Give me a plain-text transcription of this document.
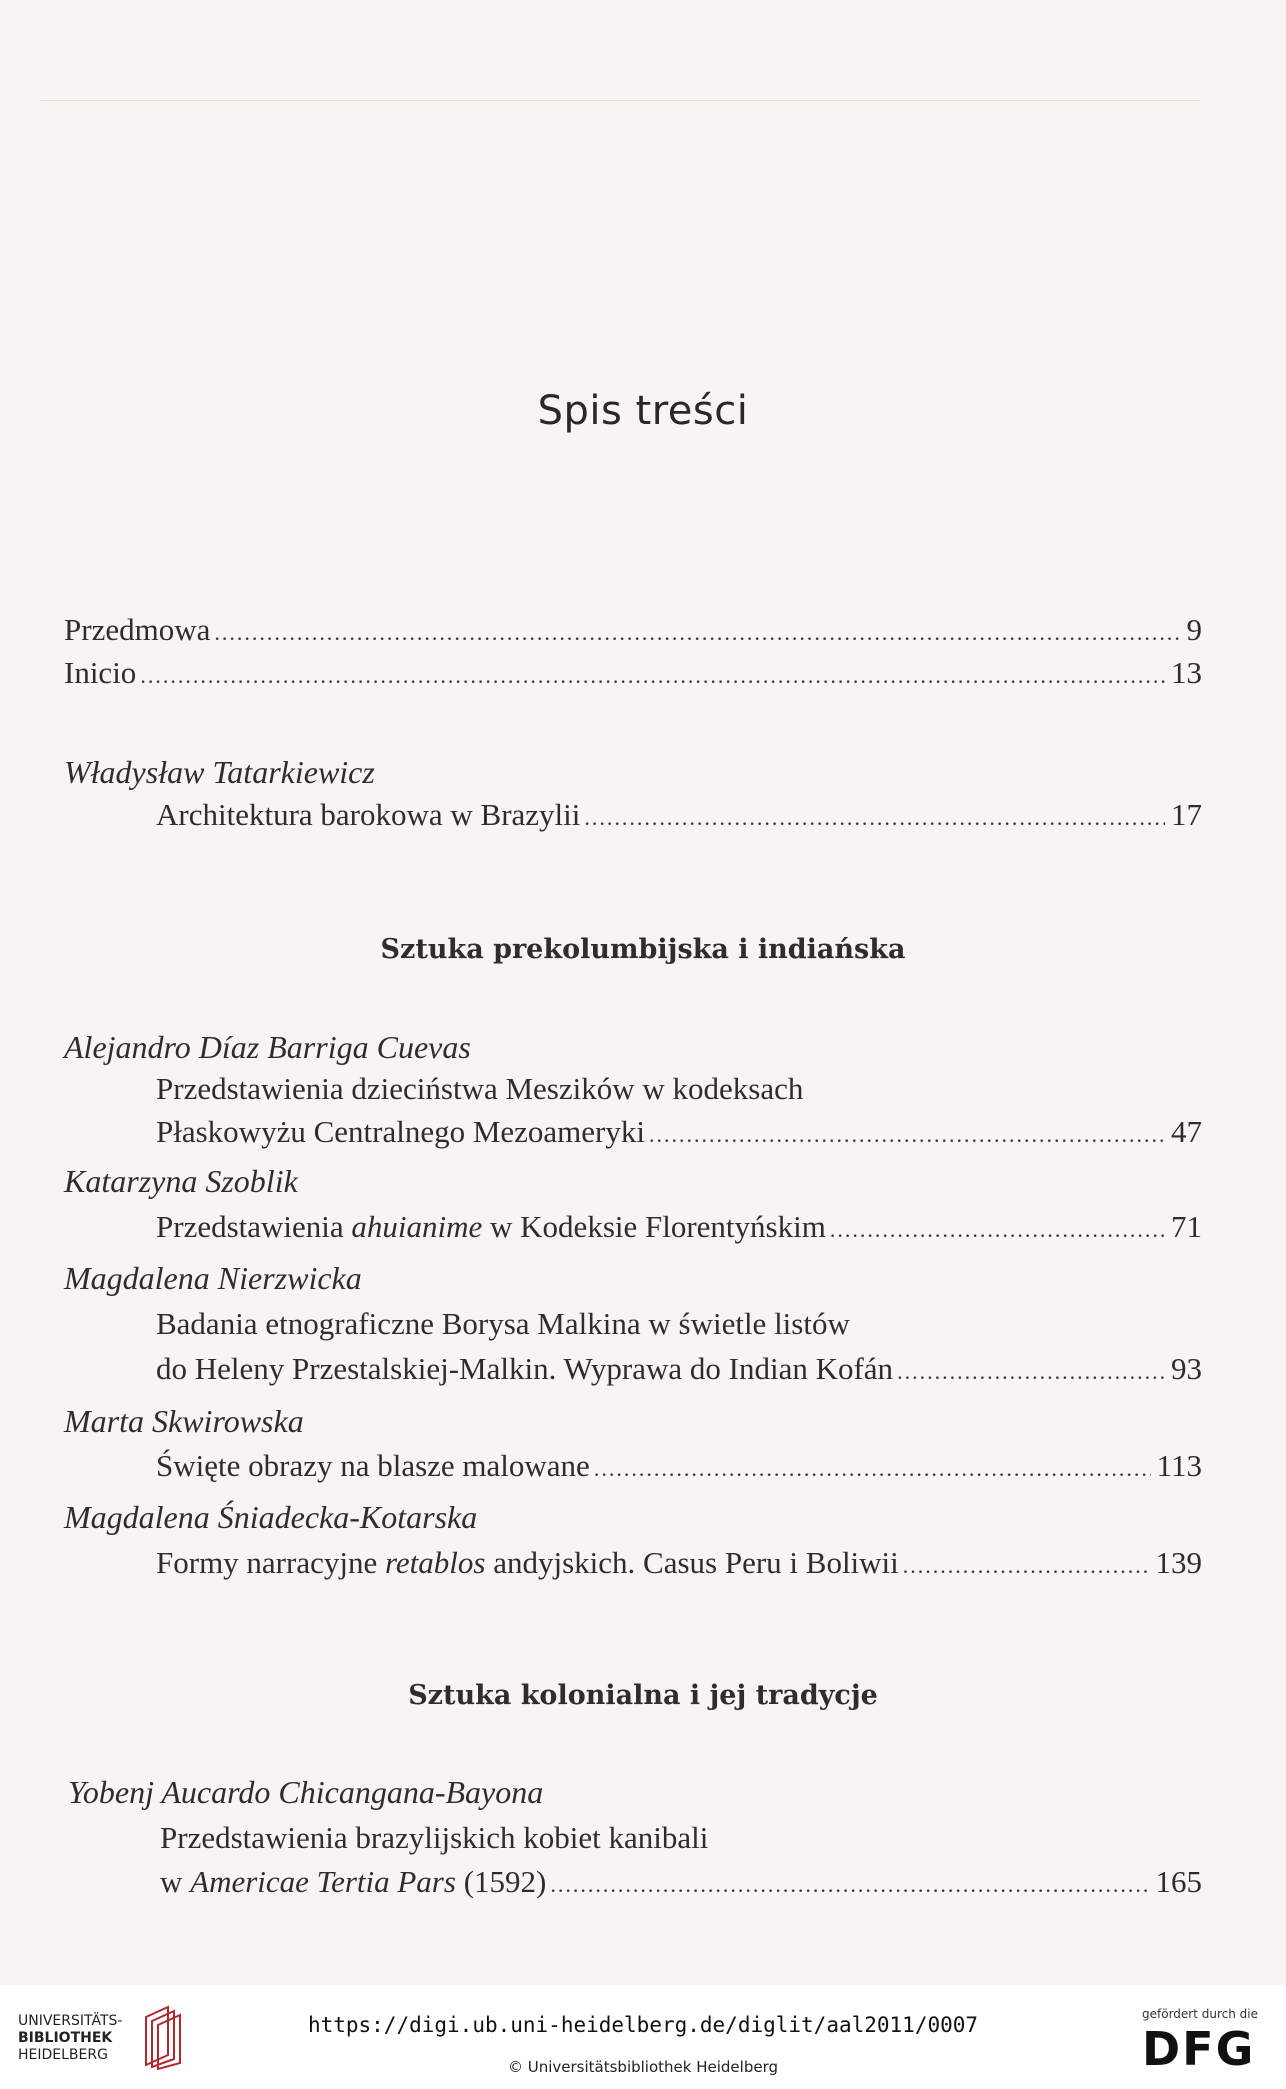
Spis treści
Przedmowa .....	9
Inicio .....	13
Władysław Tatarkiewicz
Architektura barokowa w Brazylii .....	17
Sztuka prekolumbijska i indiańska
Alejandro Díaz Barriga Cuevas
Przedstawienia dzieciństwa Meszików w kodeksach
Płaskowyżu Centralnego Mezoameryki .....	47
Katarzyna Szoblik
Przedstawienia ahuianime w Kodeksie Florentyńskim .....	71
Magdalena Nierzwicka
Badania etnograficzne Borysa Malkina w świetle listów
do Heleny Przestalskiej-Malkin. Wyprawa do Indian Kofán .....	93
Marta Skwirowska
Święte obrazy na blasze malowane .....	113
Magdalena Śniadecka-Kotarska
Formy narracyjne retablos andyjskich. Casus Peru i Boliwii .....	139
Sztuka kolonialna i jej tradycje
Yobenj Aucardo Chicangana-Bayona
Przedstawienia brazylijskich kobiet kanibali
w Americae Tertia Pars (1592) .....	165
UNIVERSITÄTS-
BIBLIOTHEK
HEIDELBERG
https://digi.ub.uni-heidelberg.de/diglit/aal2011/0007
© Universitätsbibliothek Heidelberg
gefördert durch die
DFG
